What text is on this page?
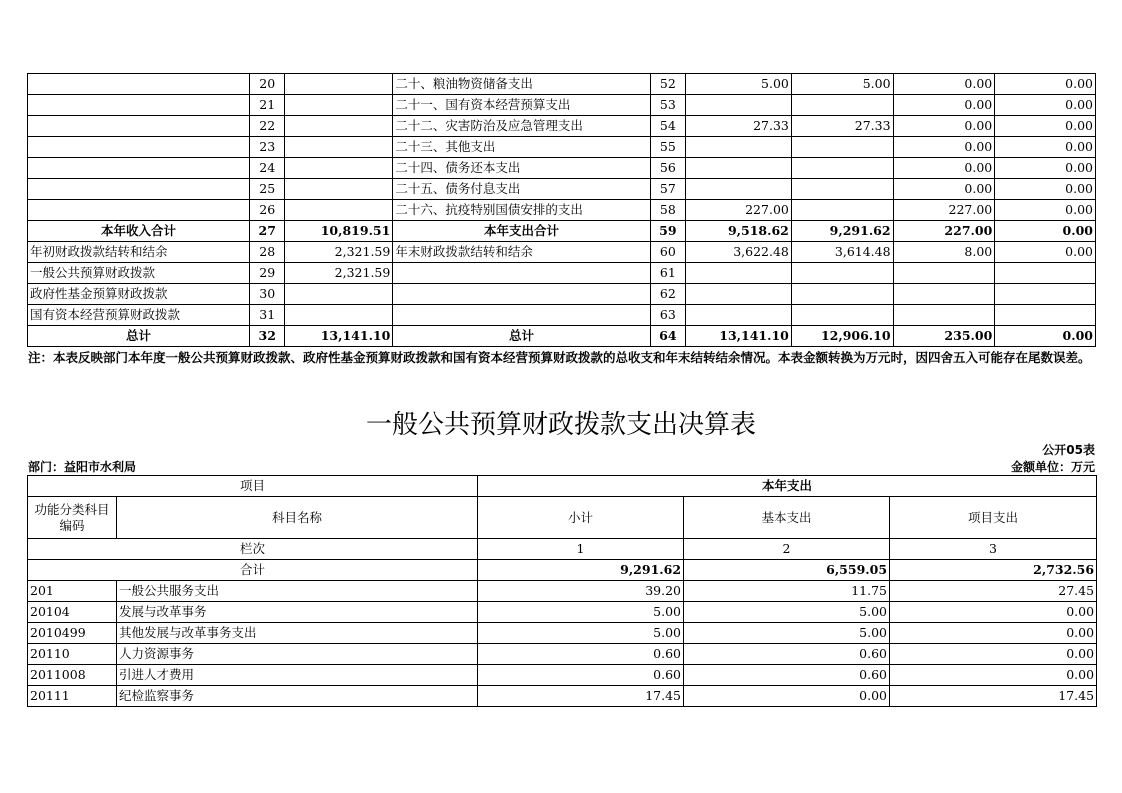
	20		二十、粮油物资储备支出	52	5.00	5.00	0.00	0.00
	21		二十一、国有资本经营预算支出	53			0.00	0.00
	22		二十二、灾害防治及应急管理支出	54	27.33	27.33	0.00	0.00
	23		二十三、其他支出	55			0.00	0.00
	24		二十四、债务还本支出	56			0.00	0.00
	25		二十五、债务付息支出	57			0.00	0.00
	26		二十六、抗疫特别国债安排的支出	58	227.00		227.00	0.00
本年收入合计	27	10,819.51	本年支出合计	59	9,518.62	9,291.62	227.00	0.00
年初财政拨款结转和结余	28	2,321.59	年末财政拨款结转和结余	60	3,622.48	3,614.48	8.00	0.00
一般公共预算财政拨款	29	2,321.59		61				
政府性基金预算财政拨款	30			62				
国有资本经营预算财政拨款	31			63				
总计	32	13,141.10	总计	64	13,141.10	12,906.10	235.00	0.00
注：本表反映部门本年度一般公共预算财政拨款、政府性基金预算财政拨款和国有资本经营预算财政拨款的总收支和年末结转结余情况。本表金额转换为万元时，因四舍五入可能存在尾数误差。
一般公共预算财政拨款支出决算表
公开05表
部门：益阳市水利局	金额单位：万元
项目		本年支出		
功能分类科目编码	科目名称	小计	基本支出	项目支出
栏次		1	2	3
合计		9,291.62	6,559.05	2,732.56
201	一般公共服务支出	39.20	11.75	27.45
20104	发展与改革事务	5.00	5.00	0.00
2010499	其他发展与改革事务支出	5.00	5.00	0.00
20110	人力资源事务	0.60	0.60	0.00
2011008	引进人才费用	0.60	0.60	0.00
20111	纪检监察事务	17.45	0.00	17.45
